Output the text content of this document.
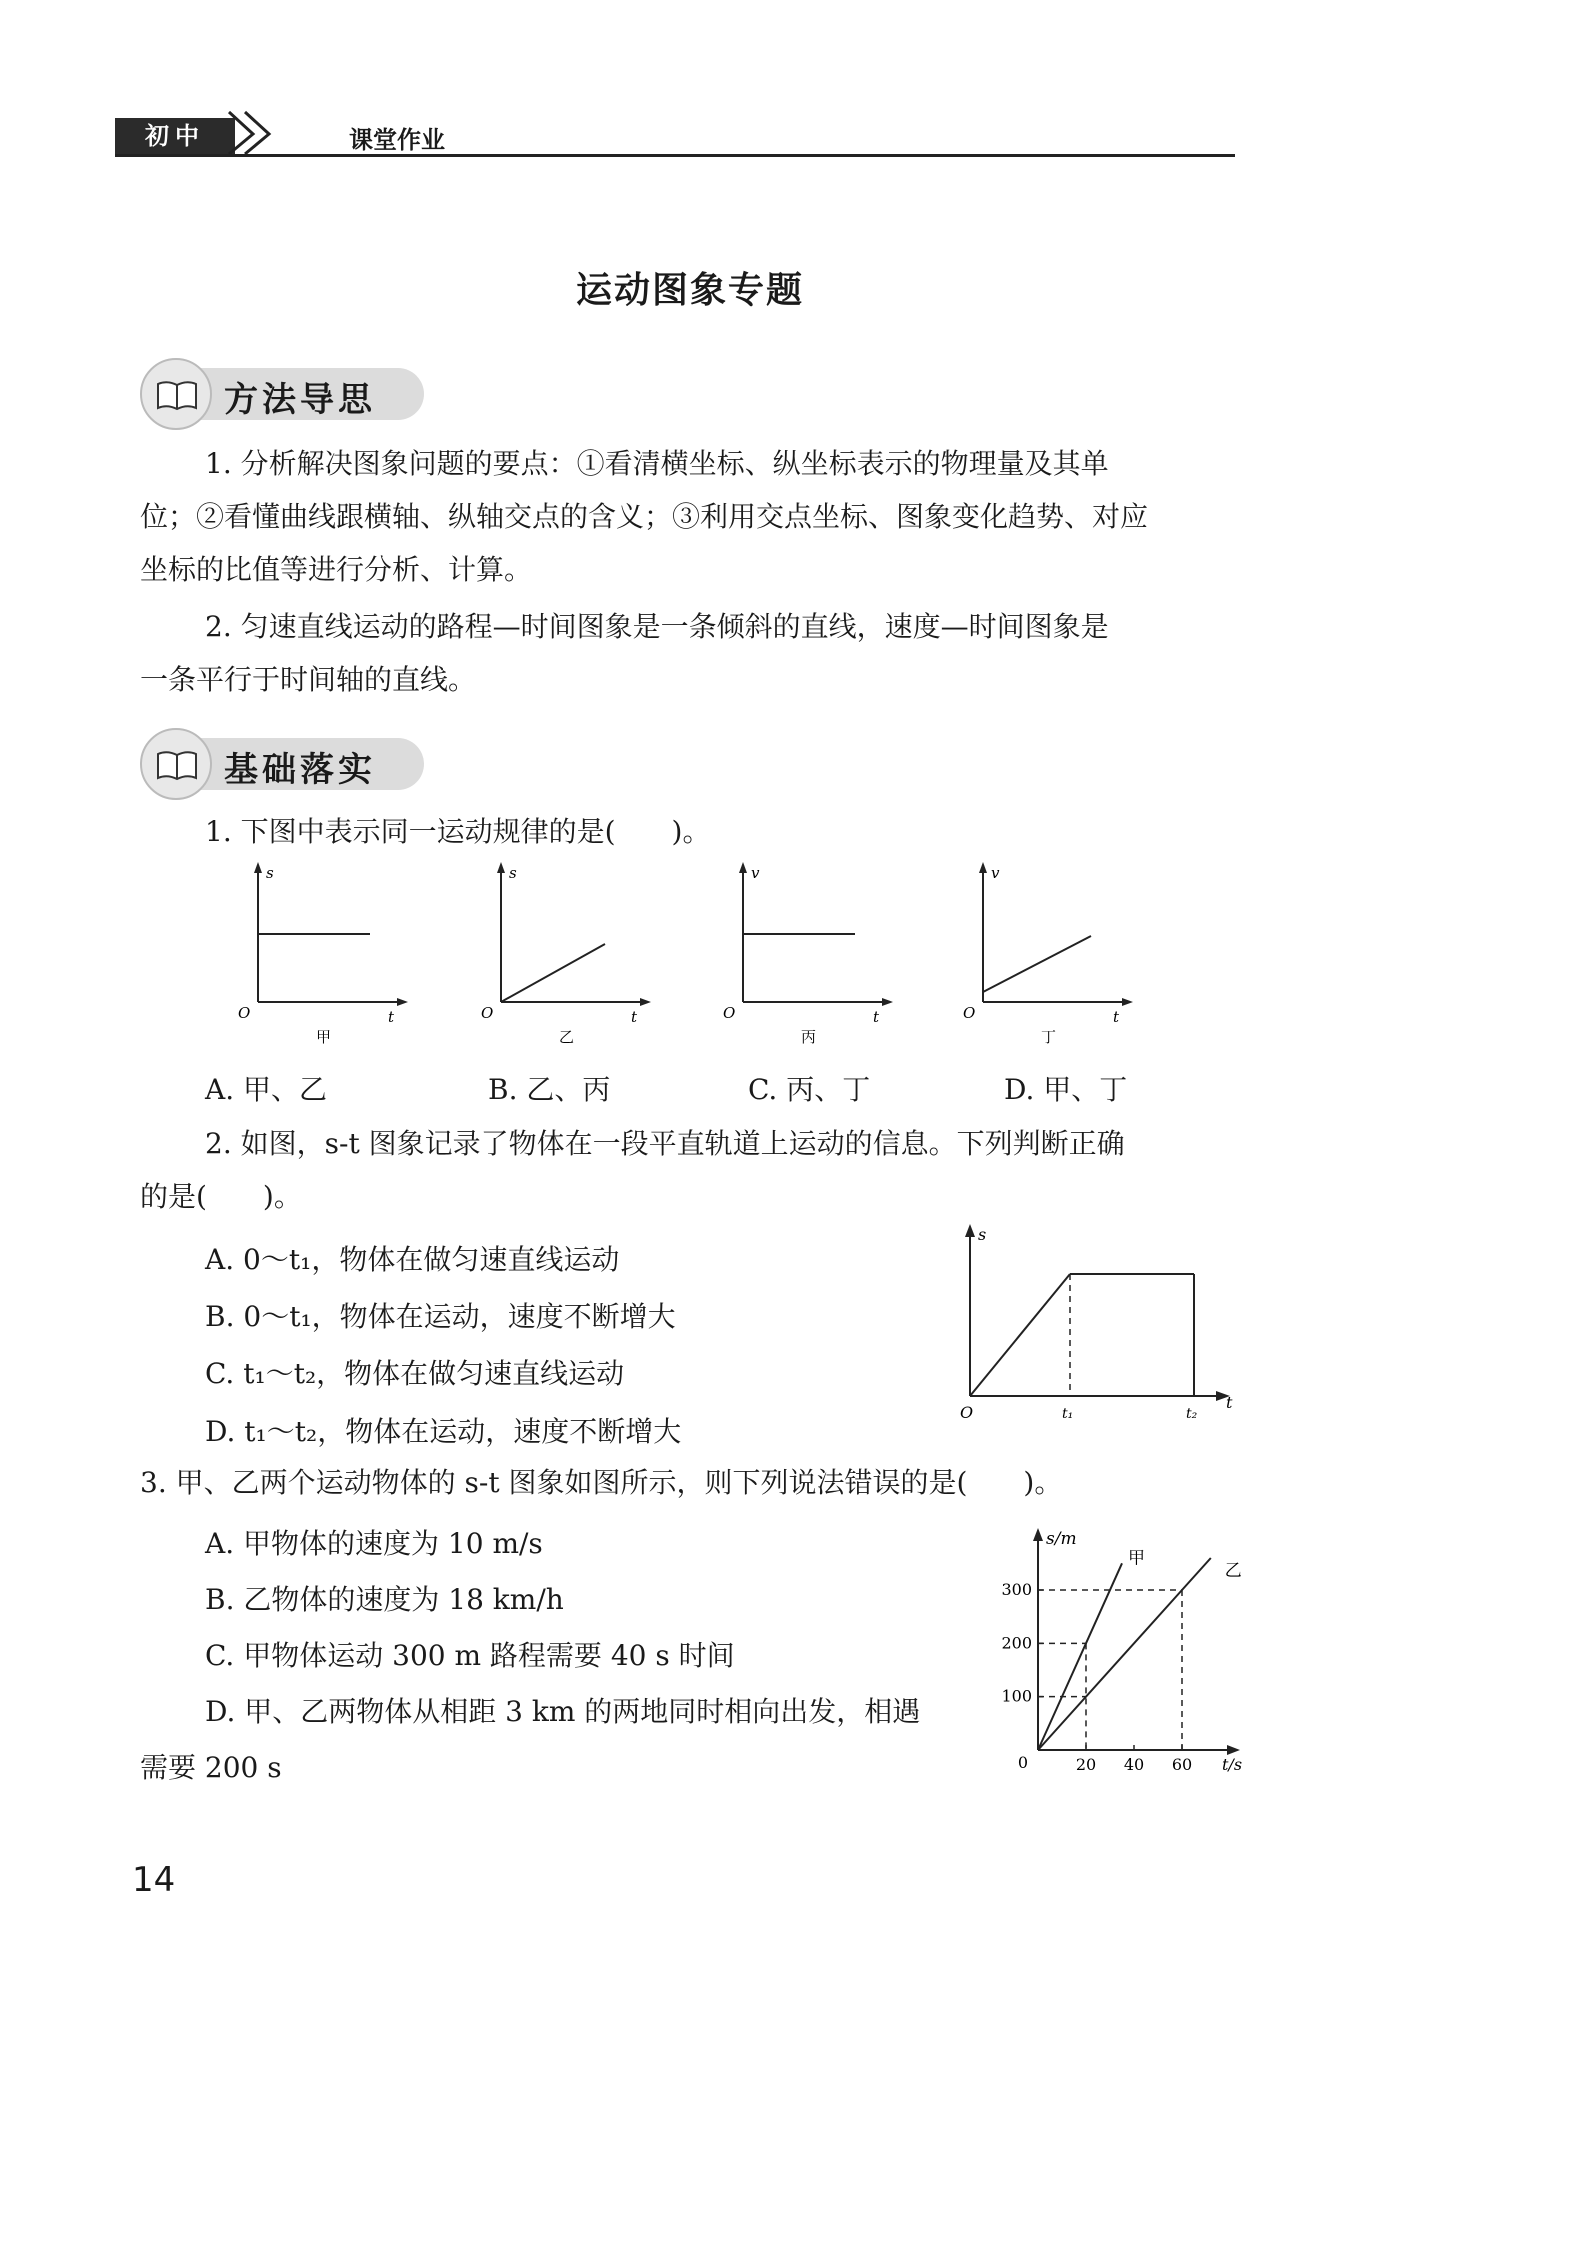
初中	课堂作业
运动图象专题
方法导思
1. 分析解决图象问题的要点：①看清横坐标、纵坐标表示的物理量及其单
位；②看懂曲线跟横轴、纵轴交点的含义；③利用交点坐标、图象变化趋势、对应
坐标的比值等进行分析、计算。
2. 匀速直线运动的路程—时间图象是一条倾斜的直线，速度—时间图象是
一条平行于时间轴的直线。
基础落实
1. 下图中表示同一运动规律的是(　　)。
s
O	t
甲
s
O	t
乙
v
O	t
丙
v
O	t
丁
A. 甲、乙	B. 乙、丙	C. 丙、丁	D. 甲、丁
2. 如图，s-t 图象记录了物体在一段平直轨道上运动的信息。下列判断正确
的是(　　)。
A. 0～t₁，物体在做匀速直线运动
B. 0～t₁，物体在运动，速度不断增大
C. t₁～t₂，物体在做匀速直线运动
D. t₁～t₂，物体在运动，速度不断增大
s
O
t
t₁	t₂
3. 甲、乙两个运动物体的 s-t 图象如图所示，则下列说法错误的是(　　)。
A. 甲物体的速度为 10 m/s
B. 乙物体的速度为 18 km/h
C. 甲物体运动 300 m 路程需要 40 s 时间
D. 甲、乙两物体从相距 3 km 的两地同时相向出发，相遇
需要 200 s	20 40 60
100
200
300
甲
乙
s/m
t/s
0
14
